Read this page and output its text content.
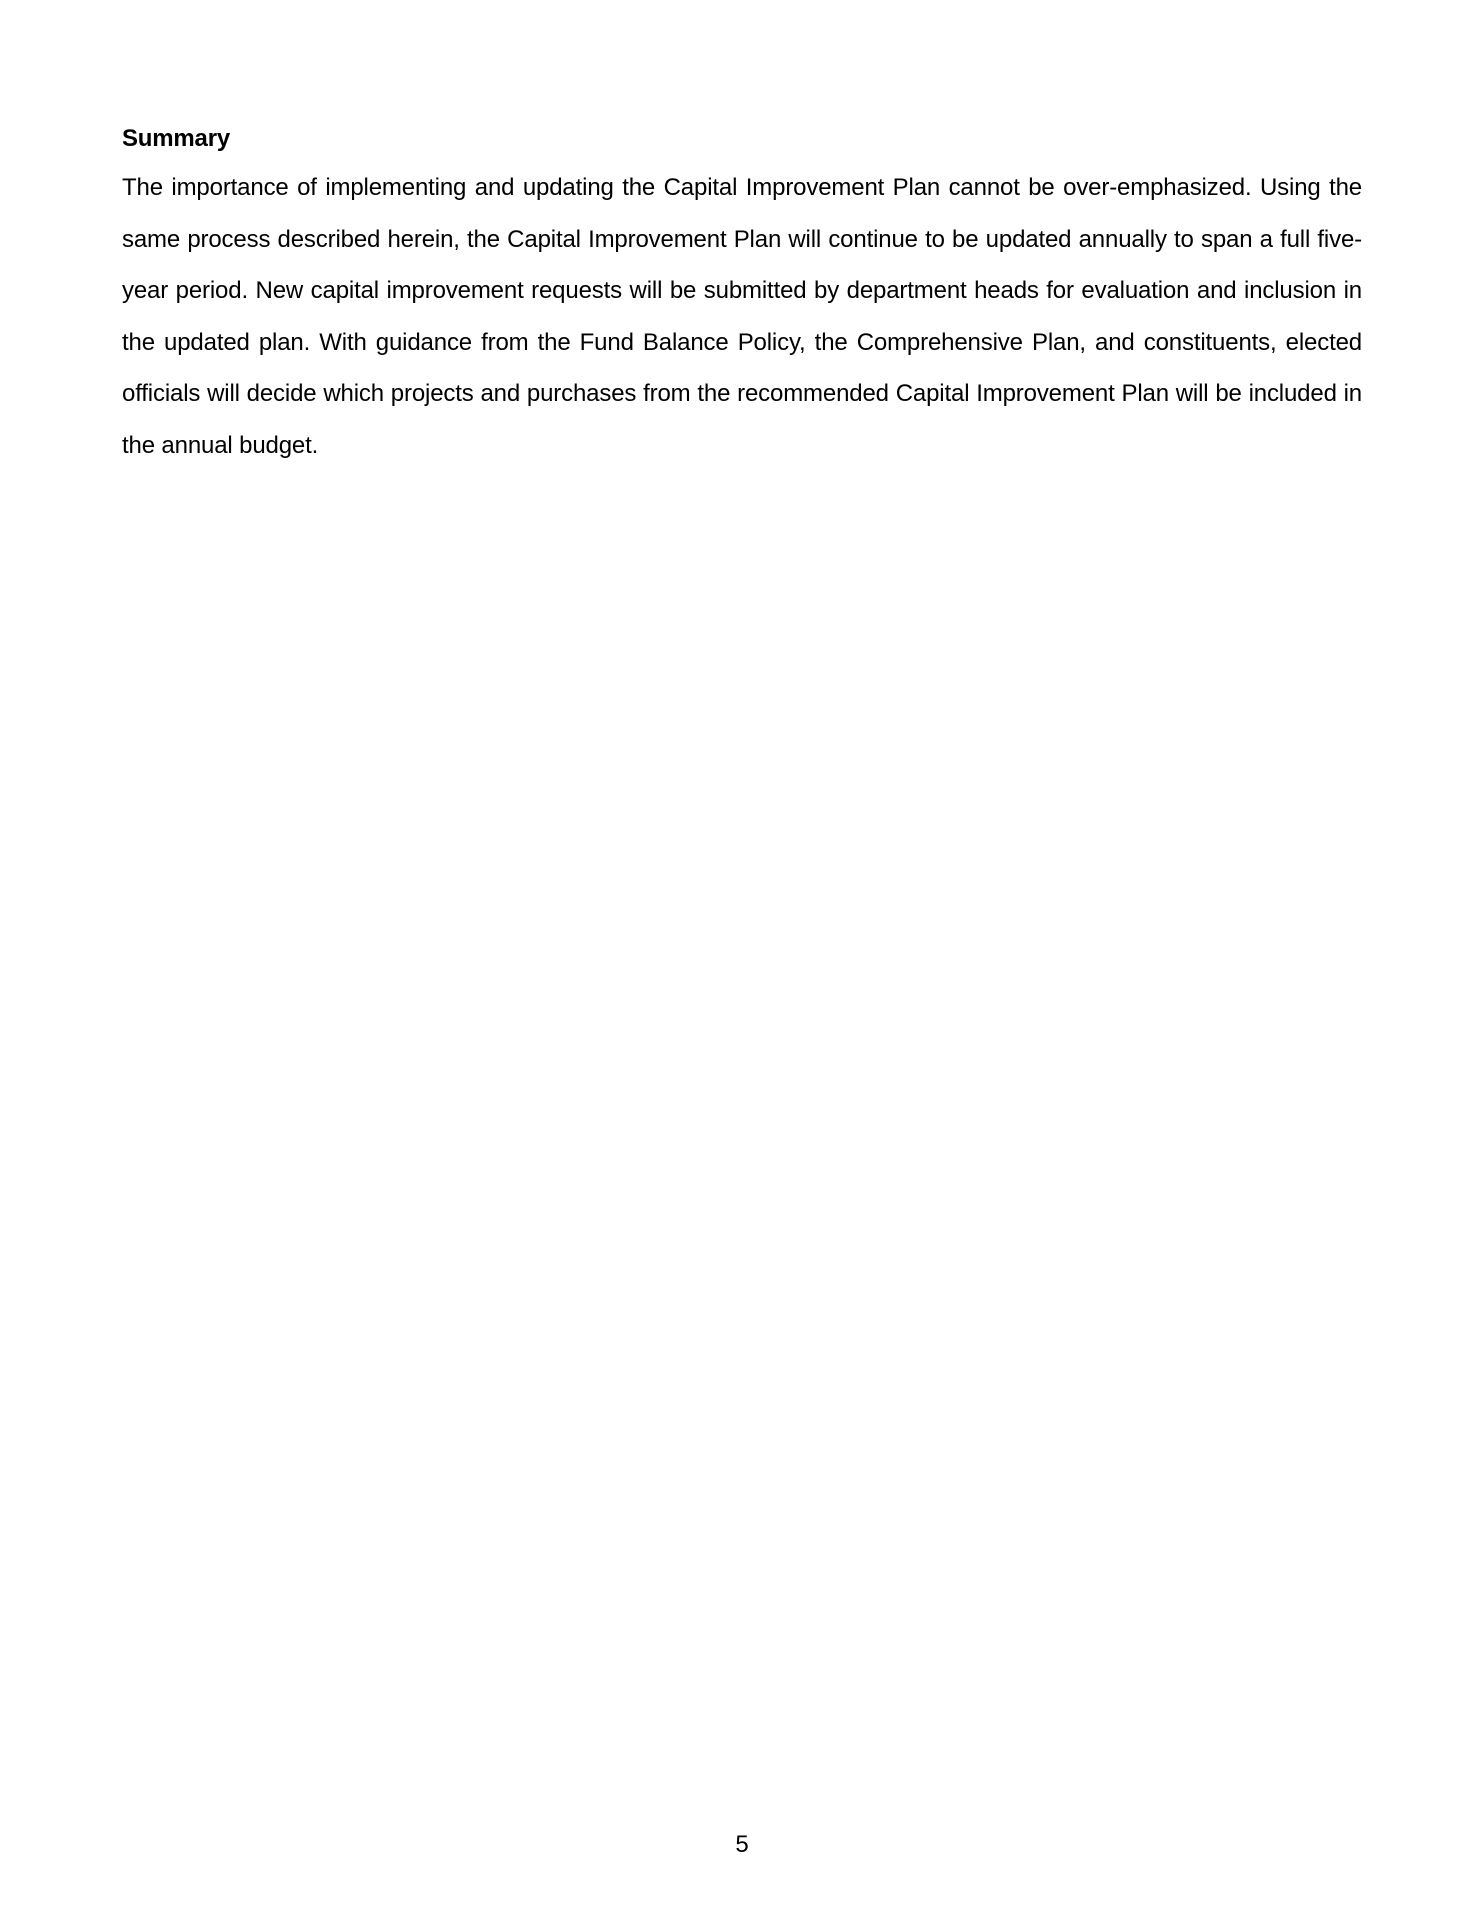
Summary

The importance of implementing and updating the Capital Improvement Plan cannot be over-emphasized. Using the same process described herein, the Capital Improvement Plan will continue to be updated annually to span a full five-year period. New capital improvement requests will be submitted by department heads for evaluation and inclusion in the updated plan. With guidance from the Fund Balance Policy, the Comprehensive Plan, and constituents, elected officials will decide which projects and purchases from the recommended Capital Improvement Plan will be included in the annual budget.

5
